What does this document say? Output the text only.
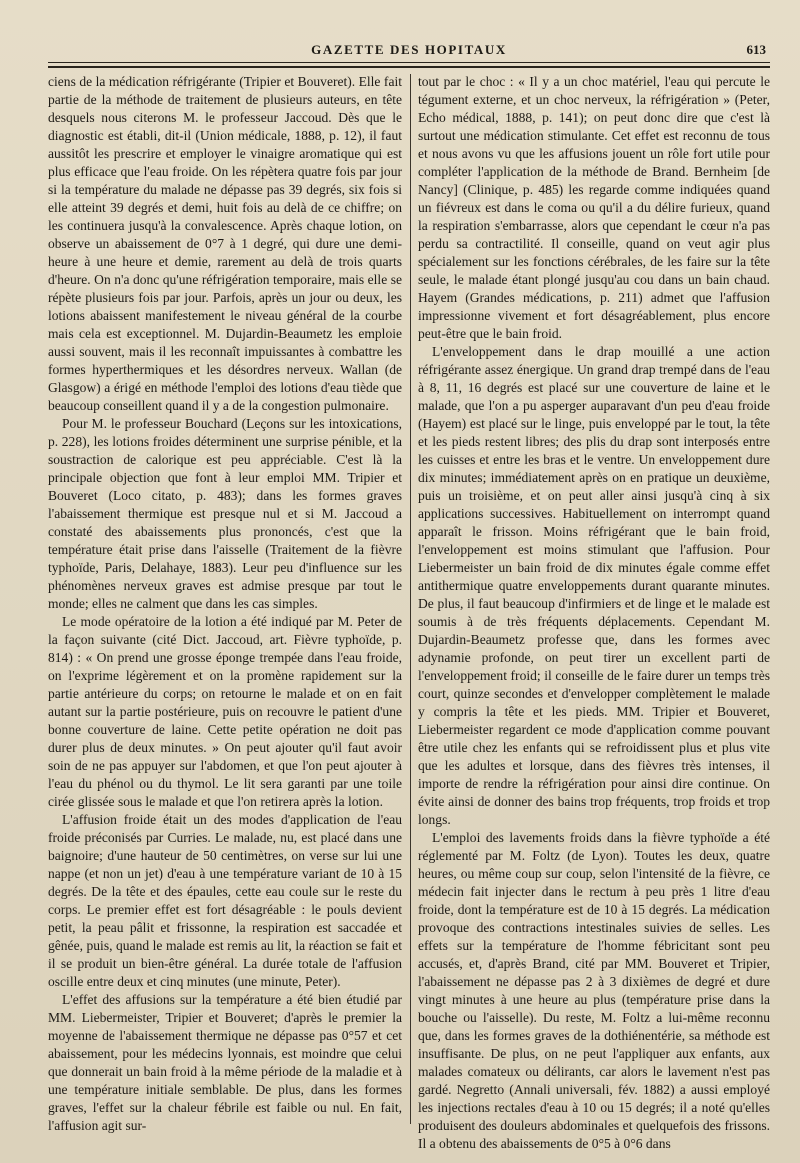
GAZETTE DES HOPITAUX	613

ciens de la médication réfrigérante (Tripier et Bouveret). Elle fait partie de la méthode de traitement de plusieurs auteurs, en tête desquels nous citerons M. le professeur Jaccoud. Dès que le diagnostic est établi, dit-il (Union médicale, 1888, p. 12), il faut aussitôt les prescrire et employer le vinaigre aromatique qui est plus efficace que l'eau froide. On les répètera quatre fois par jour si la température du malade ne dépasse pas 39 degrés, six fois si elle atteint 39 degrés et demi, huit fois au delà de ce chiffre; on les continuera jusqu'à la convalescence. Après chaque lotion, on observe un abaissement de 0°7 à 1 degré, qui dure une demi-heure à une heure et demie, rarement au delà de trois quarts d'heure. On n'a donc qu'une réfrigération temporaire, mais elle se répète plusieurs fois par jour. Parfois, après un jour ou deux, les lotions abaissent manifestement le niveau général de la courbe mais cela est exceptionnel. M. Dujardin-Beaumetz les emploie aussi souvent, mais il les reconnaît impuissantes à combattre les formes hyperthermiques et les désordres nerveux. Wallan (de Glasgow) a érigé en méthode l'emploi des lotions d'eau tiède que beaucoup conseillent quand il y a de la congestion pulmonaire.

Pour M. le professeur Bouchard (Leçons sur les intoxications, p. 228), les lotions froides déterminent une surprise pénible, et la soustraction de calorique est peu appréciable. C'est là la principale objection que font à leur emploi MM. Tripier et Bouveret (Loco citato, p. 483); dans les formes graves l'abaissement thermique est presque nul et si M. Jaccoud a constaté des abaissements plus prononcés, c'est que la température était prise dans l'aisselle (Traitement de la fièvre typhoïde, Paris, Delahaye, 1883). Leur peu d'influence sur les phénomènes nerveux graves est admise presque par tout le monde; elles ne calment que dans les cas simples.

Le mode opératoire de la lotion a été indiqué par M. Peter de la façon suivante (cité Dict. Jaccoud, art. Fièvre typhoïde, p. 814) : « On prend une grosse éponge trempée dans l'eau froide, on l'exprime légèrement et on la promène rapidement sur la partie antérieure du corps; on retourne le malade et on en fait autant sur la partie postérieure, puis on recouvre le patient d'une bonne couverture de laine. Cette petite opération ne doit pas durer plus de deux minutes. » On peut ajouter qu'il faut avoir soin de ne pas appuyer sur l'abdomen, et que l'on peut ajouter à l'eau du phénol ou du thymol. Le lit sera garanti par une toile cirée glissée sous le malade et que l'on retirera après la lotion.

L'affusion froide était un des modes d'application de l'eau froide préconisés par Curries. Le malade, nu, est placé dans une baignoire; d'une hauteur de 50 centimètres, on verse sur lui une nappe (et non un jet) d'eau à une température variant de 10 à 15 degrés. De la tête et des épaules, cette eau coule sur le reste du corps. Le premier effet est fort désagréable : le pouls devient petit, la peau pâlit et frissonne, la respiration est saccadée et gênée, puis, quand le malade est remis au lit, la réaction se fait et il se produit un bien-être général. La durée totale de l'affusion oscille entre deux et cinq minutes (une minute, Peter).

L'effet des affusions sur la température a été bien étudié par MM. Liebermeister, Tripier et Bouveret; d'après le premier la moyenne de l'abaissement thermique ne dépasse pas 0°57 et cet abaissement, pour les médecins lyonnais, est moindre que celui que donnerait un bain froid à la même période de la maladie et à une température initiale semblable. De plus, dans les formes graves, l'effet sur la chaleur fébrile est faible ou nul. En fait, l'affusion agit sur-

tout par le choc : « Il y a un choc matériel, l'eau qui percute le tégument externe, et un choc nerveux, la réfrigération » (Peter, Echo médical, 1888, p. 141); on peut donc dire que c'est là surtout une médication stimulante. Cet effet est reconnu de tous et nous avons vu que les affusions jouent un rôle fort utile pour compléter l'application de la méthode de Brand. Bernheim [de Nancy] (Clinique, p. 485) les regarde comme indiquées quand un fiévreux est dans le coma ou qu'il a du délire furieux, quand la respiration s'embarrasse, alors que cependant le cœur n'a pas perdu sa contractilité. Il conseille, quand on veut agir plus spécialement sur les fonctions cérébrales, de les faire sur la tête seule, le malade étant plongé jusqu'au cou dans un bain chaud. Hayem (Grandes médications, p. 211) admet que l'affusion impressionne vivement et fort désagréablement, plus encore peut-être que le bain froid.

L'enveloppement dans le drap mouillé a une action réfrigérante assez énergique. Un grand drap trempé dans de l'eau à 8, 11, 16 degrés est placé sur une couverture de laine et le malade, que l'on a pu asperger auparavant d'un peu d'eau froide (Hayem) est placé sur le linge, puis enveloppé par le tout, la tête et les pieds restent libres; des plis du drap sont interposés entre les cuisses et entre les bras et le ventre. Un enveloppement dure dix minutes; immédiatement après on en pratique un deuxième, puis un troisième, et on peut aller ainsi jusqu'à cinq à six applications successives. Habituellement on interrompt quand apparaît le frisson. Moins réfrigérant que le bain froid, l'enveloppement est moins stimulant que l'affusion. Pour Liebermeister un bain froid de dix minutes égale comme effet antithermique quatre enveloppements durant quarante minutes. De plus, il faut beaucoup d'infirmiers et de linge et le malade est soumis à de très fréquents déplacements. Cependant M. Dujardin-Beaumetz professe que, dans les formes avec adynamie profonde, on peut tirer un excellent parti de l'enveloppement froid; il conseille de le faire durer un temps très court, quinze secondes et d'envelopper complètement le malade y compris la tête et les pieds. MM. Tripier et Bouveret, Liebermeister regardent ce mode d'application comme pouvant être utile chez les enfants qui se refroidissent plus et plus vite que les adultes et lorsque, dans des fièvres très intenses, il importe de rendre la réfrigération pour ainsi dire continue. On évite ainsi de donner des bains trop fréquents, trop froids et trop longs.

L'emploi des lavements froids dans la fièvre typhoïde a été réglementé par M. Foltz (de Lyon). Toutes les deux, quatre heures, ou même coup sur coup, selon l'intensité de la fièvre, ce médecin fait injecter dans le rectum à peu près 1 litre d'eau froide, dont la température est de 10 à 15 degrés. La médication provoque des contractions intestinales suivies de selles. Les effets sur la température de l'homme fébricitant sont peu accusés, et, d'après Brand, cité par MM. Bouveret et Tripier, l'abaissement ne dépasse pas 2 à 3 dixièmes de degré et dure vingt minutes à une heure au plus (température prise dans la bouche ou l'aisselle). Du reste, M. Foltz a lui-même reconnu que, dans les formes graves de la dothiénentérie, sa méthode est insuffisante. De plus, on ne peut l'appliquer aux enfants, aux malades comateux ou délirants, car alors le lavement n'est pas gardé. Negretto (Annali universali, fév. 1882) a aussi employé les injections rectales d'eau à 10 ou 15 degrés; il a noté qu'elles produisent des douleurs abdominales et quelquefois des frissons. Il a obtenu des abaissements de 0°5 à 0°6 dans
